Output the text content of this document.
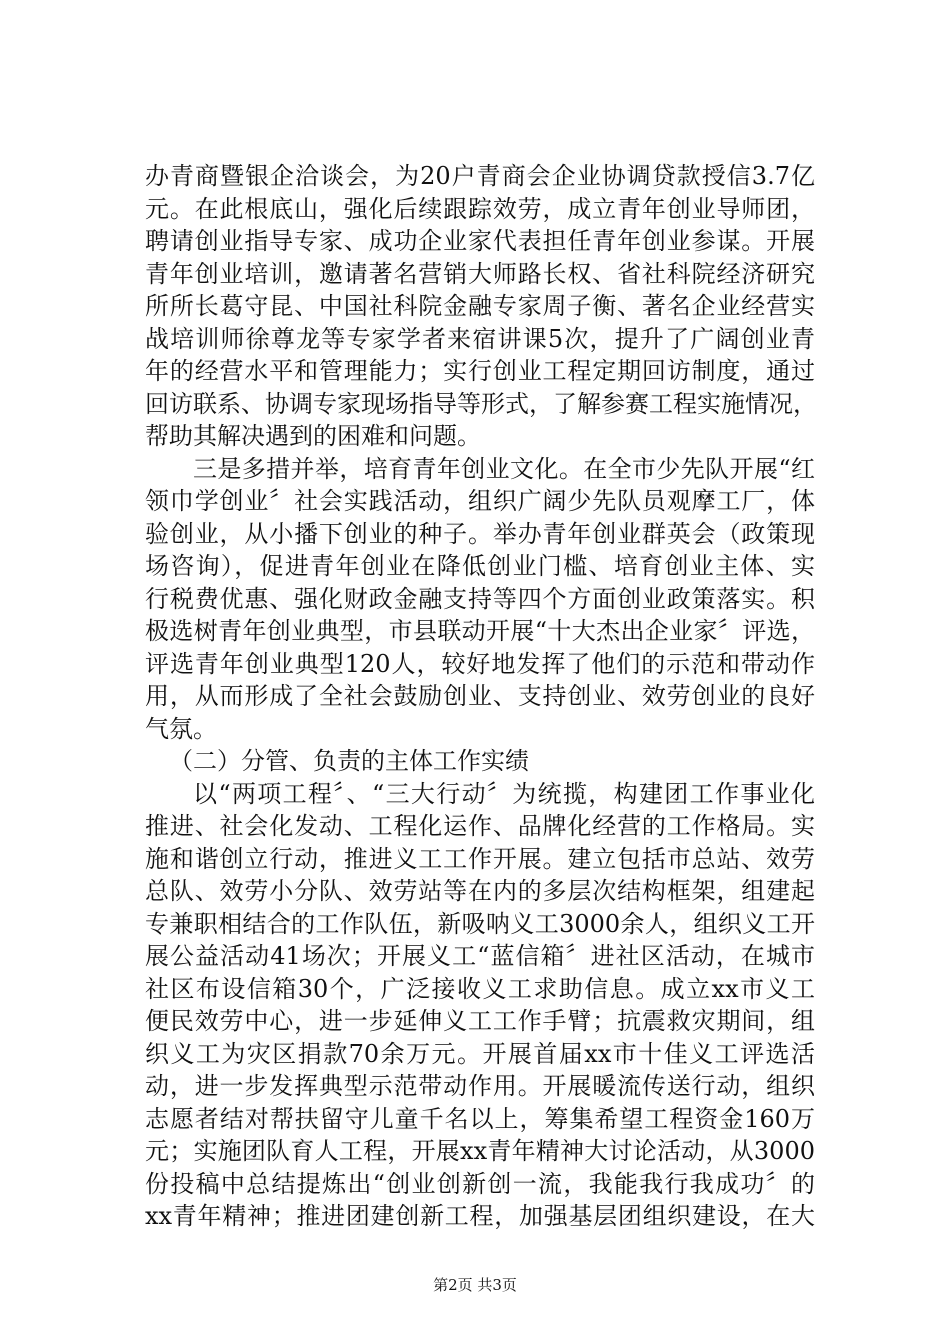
办青商暨银企洽谈会，为20户青商会企业协调贷款授信3.7亿
元。在此根底山，强化后续跟踪效劳，成立青年创业导师团，
聘请创业指导专家、成功企业家代表担任青年创业参谋。开展
青年创业培训，邀请著名营销大师路长权、省社科院经济研究
所所长葛守昆、中国社科院金融专家周子衡、著名企业经营实
战培训师徐尊龙等专家学者来宿讲课5次，提升了广阔创业青
年的经营水平和管理能力；实行创业工程定期回访制度，通过
回访联系、协调专家现场指导等形式，了解参赛工程实施情况，
帮助其解决遇到的困难和问题。
三是多措并举，培育青年创业文化。在全市少先队开展“红
领巾学创业〞社会实践活动，组织广阔少先队员观摩工厂，体
验创业，从小播下创业的种子。举办青年创业群英会（政策现
场咨询），促进青年创业在降低创业门槛、培育创业主体、实
行税费优惠、强化财政金融支持等四个方面创业政策落实。积
极选树青年创业典型，市县联动开展“十大杰出企业家〞评选，
评选青年创业典型120人，较好地发挥了他们的示范和带动作
用，从而形成了全社会鼓励创业、支持创业、效劳创业的良好
气氛。
（二）分管、负责的主体工作实绩
以“两项工程〞、“三大行动〞为统揽，构建团工作事业化
推进、社会化发动、工程化运作、品牌化经营的工作格局。实
施和谐创立行动，推进义工工作开展。建立包括市总站、效劳
总队、效劳小分队、效劳站等在内的多层次结构框架，组建起
专兼职相结合的工作队伍，新吸呐义工3000余人，组织义工开
展公益活动41场次；开展义工“蓝信箱〞进社区活动，在城市
社区布设信箱30个，广泛接收义工求助信息。成立xx市义工
便民效劳中心，进一步延伸义工工作手臂；抗震救灾期间，组
织义工为灾区捐款70余万元。开展首届xx市十佳义工评选活
动，进一步发挥典型示范带动作用。开展暖流传送行动，组织
志愿者结对帮扶留守儿童千名以上，筹集希望工程资金160万
元；实施团队育人工程，开展xx青年精神大讨论活动，从3000
份投稿中总结提炼出“创业创新创一流，我能我行我成功〞的
xx青年精神；推进团建创新工程，加强基层团组织建设，在大
第2页 共3页
